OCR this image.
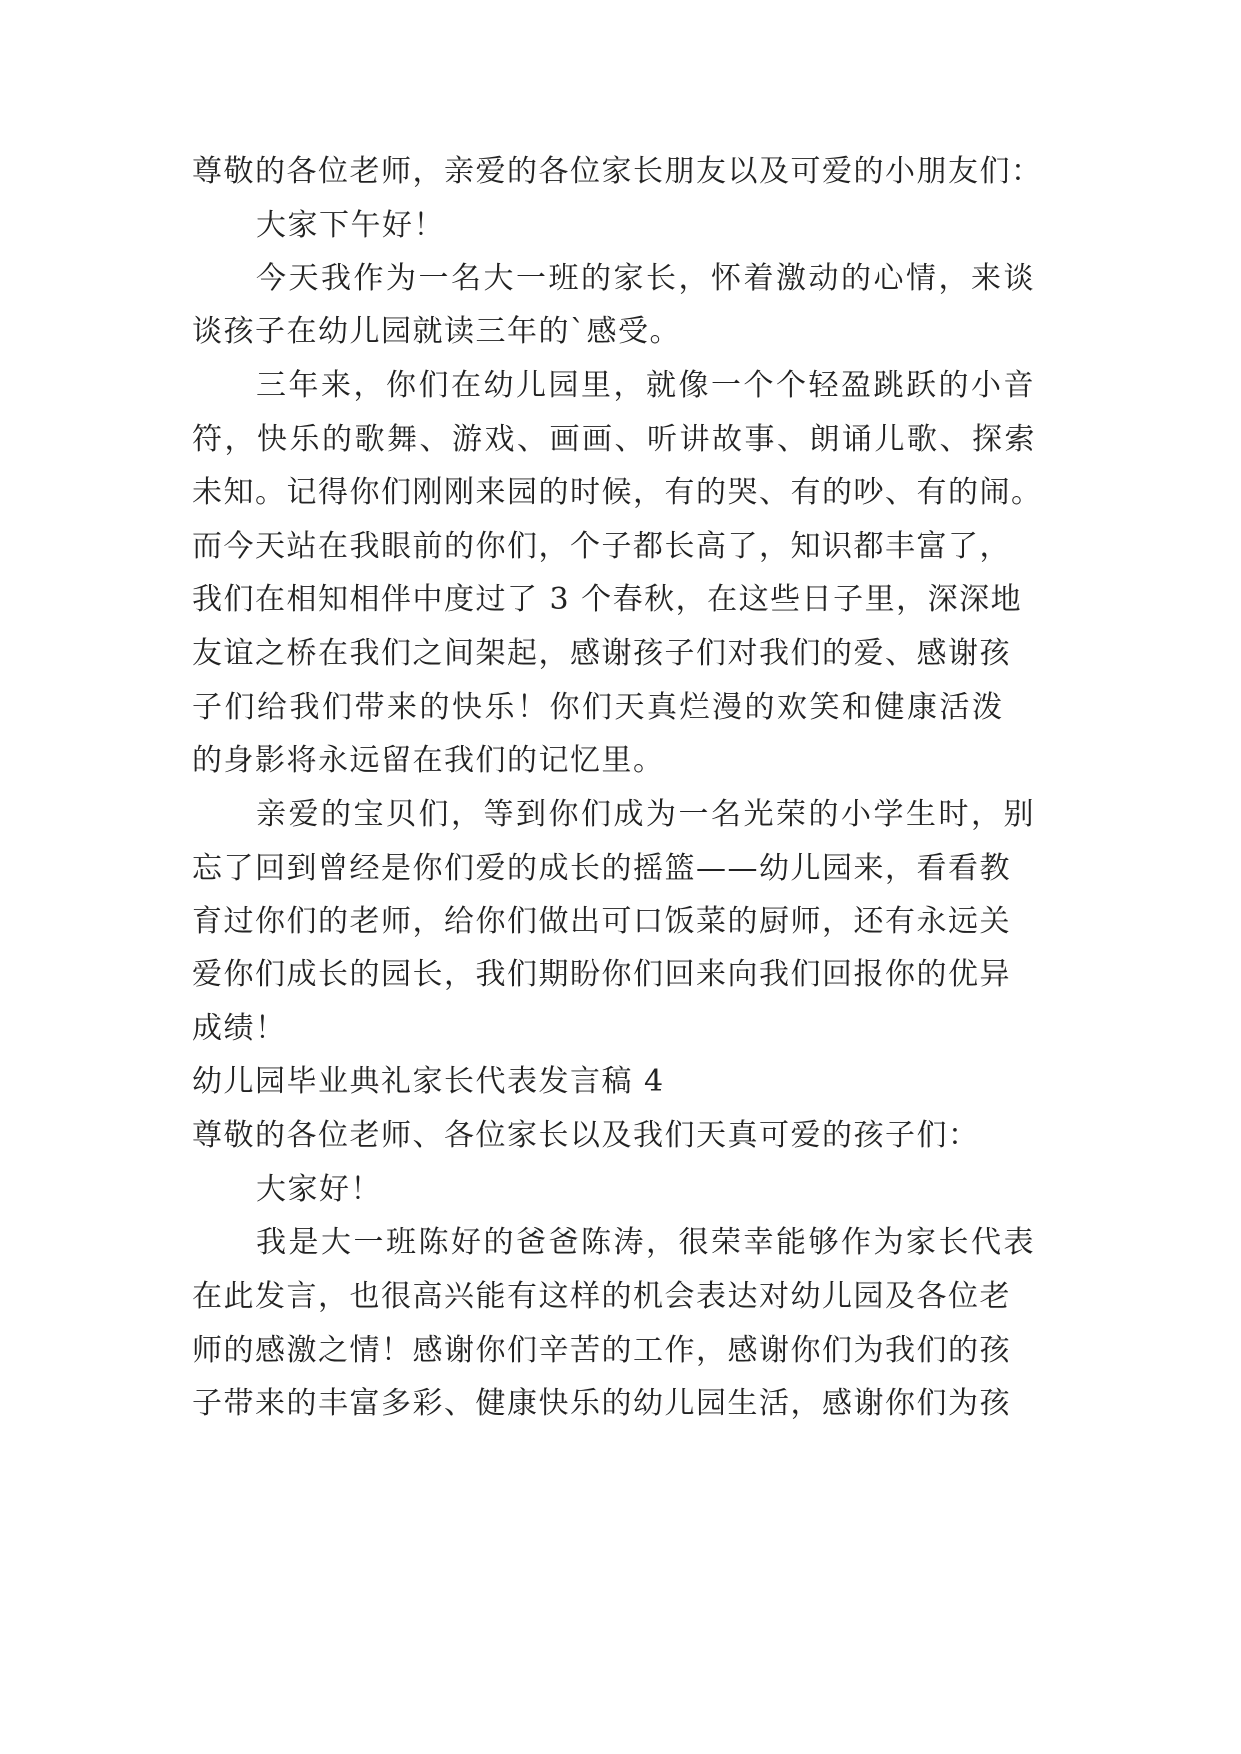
尊敬的各位老师，亲爱的各位家长朋友以及可爱的小朋友们：
大家下午好！
今天我作为一名大一班的家长，怀着激动的心情，来谈
谈孩子在幼儿园就读三年的`感受。
三年来，你们在幼儿园里，就像一个个轻盈跳跃的小音
符，快乐的歌舞、游戏、画画、听讲故事、朗诵儿歌、探索
未知。记得你们刚刚来园的时候，有的哭、有的吵、有的闹。
而今天站在我眼前的你们，个子都长高了，知识都丰富了，
我们在相知相伴中度过了 3 个春秋，在这些日子里，深深地
友谊之桥在我们之间架起，感谢孩子们对我们的爱、感谢孩
子们给我们带来的快乐！你们天真烂漫的欢笑和健康活泼
的身影将永远留在我们的记忆里。
亲爱的宝贝们，等到你们成为一名光荣的小学生时，别
忘了回到曾经是你们爱的成长的摇篮——幼儿园来，看看教
育过你们的老师，给你们做出可口饭菜的厨师，还有永远关
爱你们成长的园长，我们期盼你们回来向我们回报你的优异
成绩！
幼儿园毕业典礼家长代表发言稿 4
尊敬的各位老师、各位家长以及我们天真可爱的孩子们：
大家好！
我是大一班陈好的爸爸陈涛，很荣幸能够作为家长代表
在此发言，也很高兴能有这样的机会表达对幼儿园及各位老
师的感激之情！感谢你们辛苦的工作，感谢你们为我们的孩
子带来的丰富多彩、健康快乐的幼儿园生活，感谢你们为孩
